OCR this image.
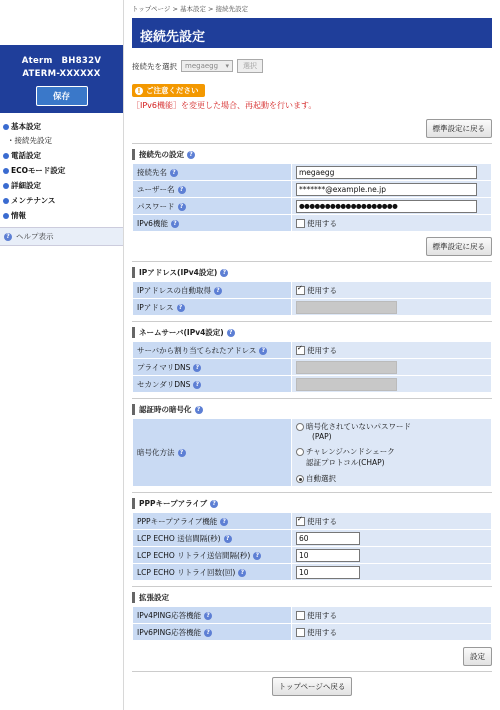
Aterm　BH832V
ATERM-XXXXXX
保存
基本設定
・接続先設定
電話設定
ECOモード設定
詳細設定
メンテナンス
情報
? ヘルプ表示
トップページ > 基本設定 > 接続先設定
接続先設定
接続先を選択 megaegg ▾	選択
! ご注意ください
［IPv6機能］を変更した場合、再起動を行います。
標準設定に戻る
接続先の設定 ?
接続先名 ?	megaegg

ユーザー名 ?	*******@example.ne.jp

パスワード ?	●●●●●●●●●●●●●●●●●●●

IPv6機能 ?	使用する
標準設定に戻る
IPアドレス(IPv4設定) ?
IPアドレスの自動取得 ?	✓使用する
IPアドレス ?	
ネームサーバ(IPv4設定) ?
サーバから割り当てられたアドレス ?	✓使用する
プライマリDNS ?	

セカンダリDNS ?	
認証時の暗号化 ?
暗号化方法 ?	
暗号化されていないパスワード
(PAP)
チャレンジハンドシェーク
認証プロトコル(CHAP)
自動選択
PPPキープアライブ ?
PPPキープアライブ機能 ?	✓使用する
LCP ECHO 送信間隔(秒) ?	60

LCP ECHO リトライ送信間隔(秒) ?	10

LCP ECHO リトライ回数(回) ?	10
拡張設定
IPv4PING応答機能 ?	使用する
IPv6PING応答機能 ?	使用する
設定
トップページへ戻る
